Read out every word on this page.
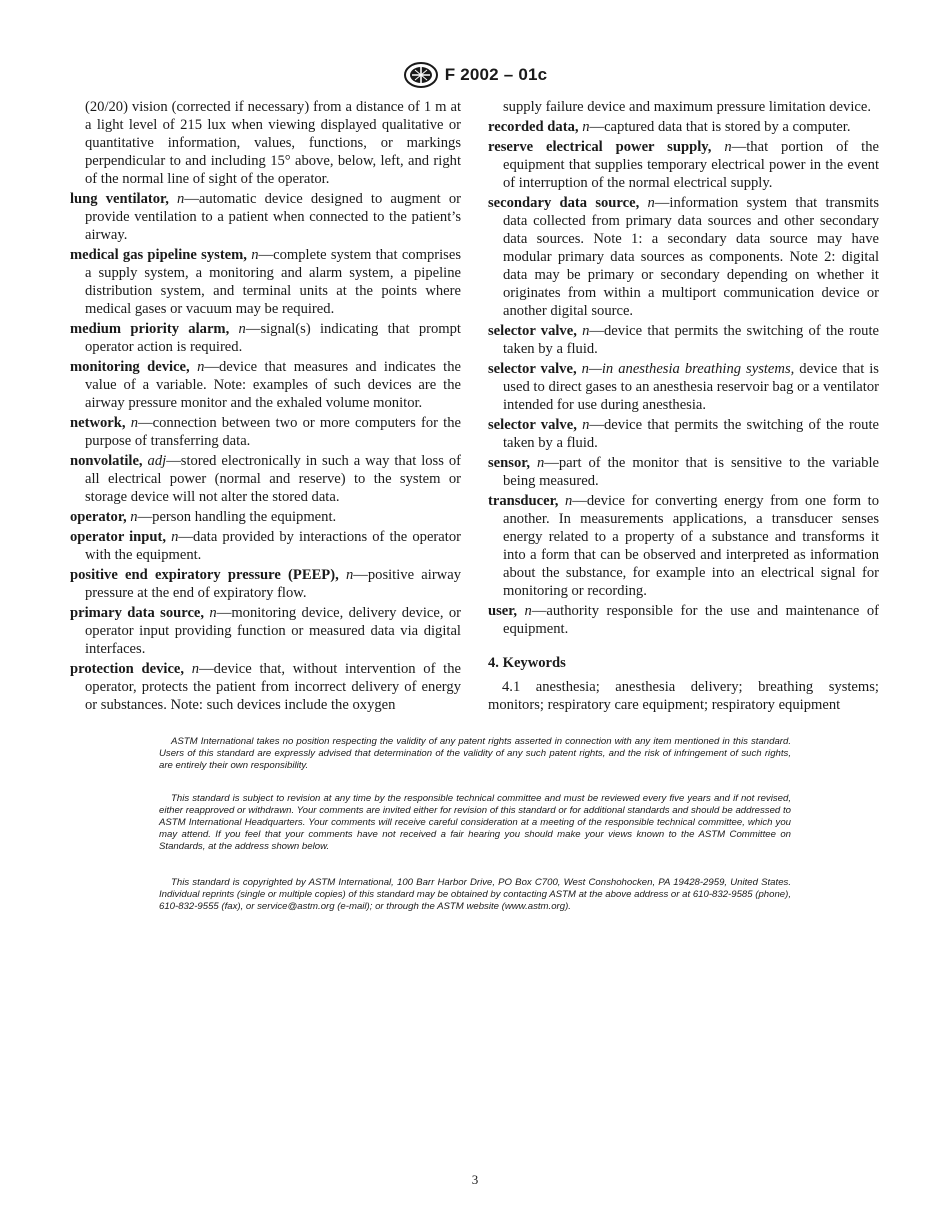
F 2002 – 01c

(20/20) vision (corrected if necessary) from a distance of 1 m at a light level of 215 lux when viewing displayed qualitative or quantitative information, values, functions, or markings perpendicular to and including 15° above, below, left, and right of the normal line of sight of the operator.

lung ventilator, n—automatic device designed to augment or provide ventilation to a patient when connected to the patient’s airway.

medical gas pipeline system, n—complete system that comprises a supply system, a monitoring and alarm system, a pipeline distribution system, and terminal units at the points where medical gases or vacuum may be required.

medium priority alarm, n—signal(s) indicating that prompt operator action is required.

monitoring device, n—device that measures and indicates the value of a variable. Note: examples of such devices are the airway pressure monitor and the exhaled volume monitor.

network, n—connection between two or more computers for the purpose of transferring data.

nonvolatile, adj—stored electronically in such a way that loss of all electrical power (normal and reserve) to the system or storage device will not alter the stored data.

operator, n—person handling the equipment.

operator input, n—data provided by interactions of the operator with the equipment.

positive end expiratory pressure (PEEP), n—positive airway pressure at the end of expiratory flow.

primary data source, n—monitoring device, delivery device, or operator input providing function or measured data via digital interfaces.

protection device, n—device that, without intervention of the operator, protects the patient from incorrect delivery of energy or substances. Note: such devices include the oxygen

supply failure device and maximum pressure limitation device.

recorded data, n—captured data that is stored by a computer.

reserve electrical power supply, n—that portion of the equipment that supplies temporary electrical power in the event of interruption of the normal electrical supply.

secondary data source, n—information system that transmits data collected from primary data sources and other secondary data sources. Note 1: a secondary data source may have modular primary data sources as components. Note 2: digital data may be primary or secondary depending on whether it originates from within a multiport communication device or another digital source.

selector valve, n—device that permits the switching of the route taken by a fluid.

selector valve, n—in anesthesia breathing systems, device that is used to direct gases to an anesthesia reservoir bag or a ventilator intended for use during anesthesia.

selector valve, n—device that permits the switching of the route taken by a fluid.

sensor, n—part of the monitor that is sensitive to the variable being measured.

transducer, n—device for converting energy from one form to another. In measurements applications, a transducer senses energy related to a property of a substance and transforms it into a form that can be observed and interpreted as information about the substance, for example into an electrical signal for monitoring or recording.

user, n—authority responsible for the use and maintenance of equipment.

4. Keywords

4.1 anesthesia; anesthesia delivery; breathing systems; monitors; respiratory care equipment; respiratory equipment

ASTM International takes no position respecting the validity of any patent rights asserted in connection with any item mentioned in this standard. Users of this standard are expressly advised that determination of the validity of any such patent rights, and the risk of infringement of such rights, are entirely their own responsibility.

This standard is subject to revision at any time by the responsible technical committee and must be reviewed every five years and if not revised, either reapproved or withdrawn. Your comments are invited either for revision of this standard or for additional standards and should be addressed to ASTM International Headquarters. Your comments will receive careful consideration at a meeting of the responsible technical committee, which you may attend. If you feel that your comments have not received a fair hearing you should make your views known to the ASTM Committee on Standards, at the address shown below.

This standard is copyrighted by ASTM International, 100 Barr Harbor Drive, PO Box C700, West Conshohocken, PA 19428-2959, United States. Individual reprints (single or multiple copies) of this standard may be obtained by contacting ASTM at the above address or at 610-832-9585 (phone), 610-832-9555 (fax), or service@astm.org (e-mail); or through the ASTM website (www.astm.org).

3
